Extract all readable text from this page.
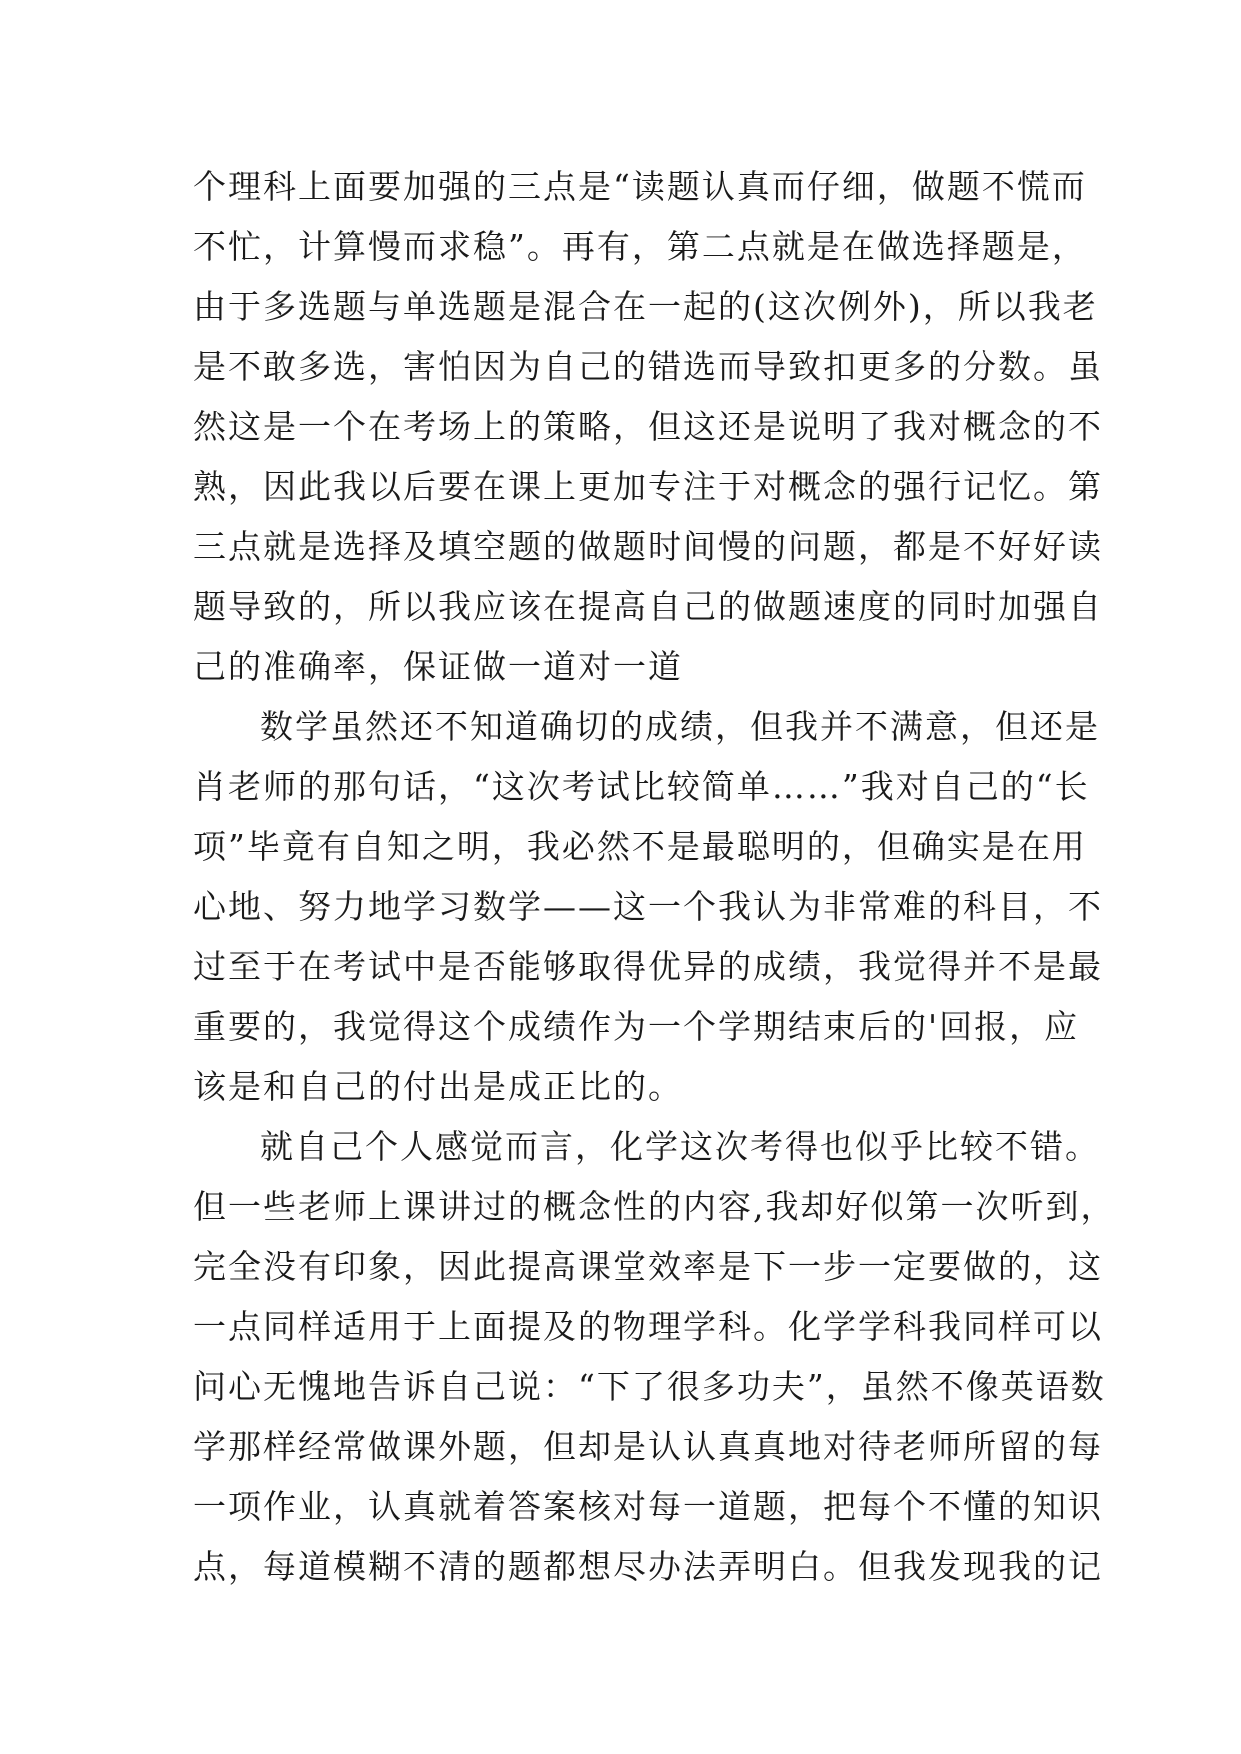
个理科上面要加强的三点是“读题认真而仔细，做题不慌而
不忙，计算慢而求稳”。再有，第二点就是在做选择题是，
由于多选题与单选题是混合在一起的(这次例外)，所以我老
是不敢多选，害怕因为自己的错选而导致扣更多的分数。虽
然这是一个在考场上的策略，但这还是说明了我对概念的不
熟，因此我以后要在课上更加专注于对概念的强行记忆。第
三点就是选择及填空题的做题时间慢的问题，都是不好好读
题导致的，所以我应该在提高自己的做题速度的同时加强自
己的准确率，保证做一道对一道
数学虽然还不知道确切的成绩，但我并不满意，但还是
肖老师的那句话，“这次考试比较简单……”我对自己的“长
项”毕竟有自知之明，我必然不是最聪明的，但确实是在用
心地、努力地学习数学——这一个我认为非常难的科目，不
过至于在考试中是否能够取得优异的成绩，我觉得并不是最
重要的，我觉得这个成绩作为一个学期结束后的'回报，应
该是和自己的付出是成正比的。
就自己个人感觉而言，化学这次考得也似乎比较不错。
但一些老师上课讲过的概念性的内容,我却好似第一次听到，
完全没有印象，因此提高课堂效率是下一步一定要做的，这
一点同样适用于上面提及的物理学科。化学学科我同样可以
问心无愧地告诉自己说：“下了很多功夫”，虽然不像英语数
学那样经常做课外题，但却是认认真真地对待老师所留的每
一项作业，认真就着答案核对每一道题，把每个不懂的知识
点，每道模糊不清的题都想尽办法弄明白。但我发现我的记
